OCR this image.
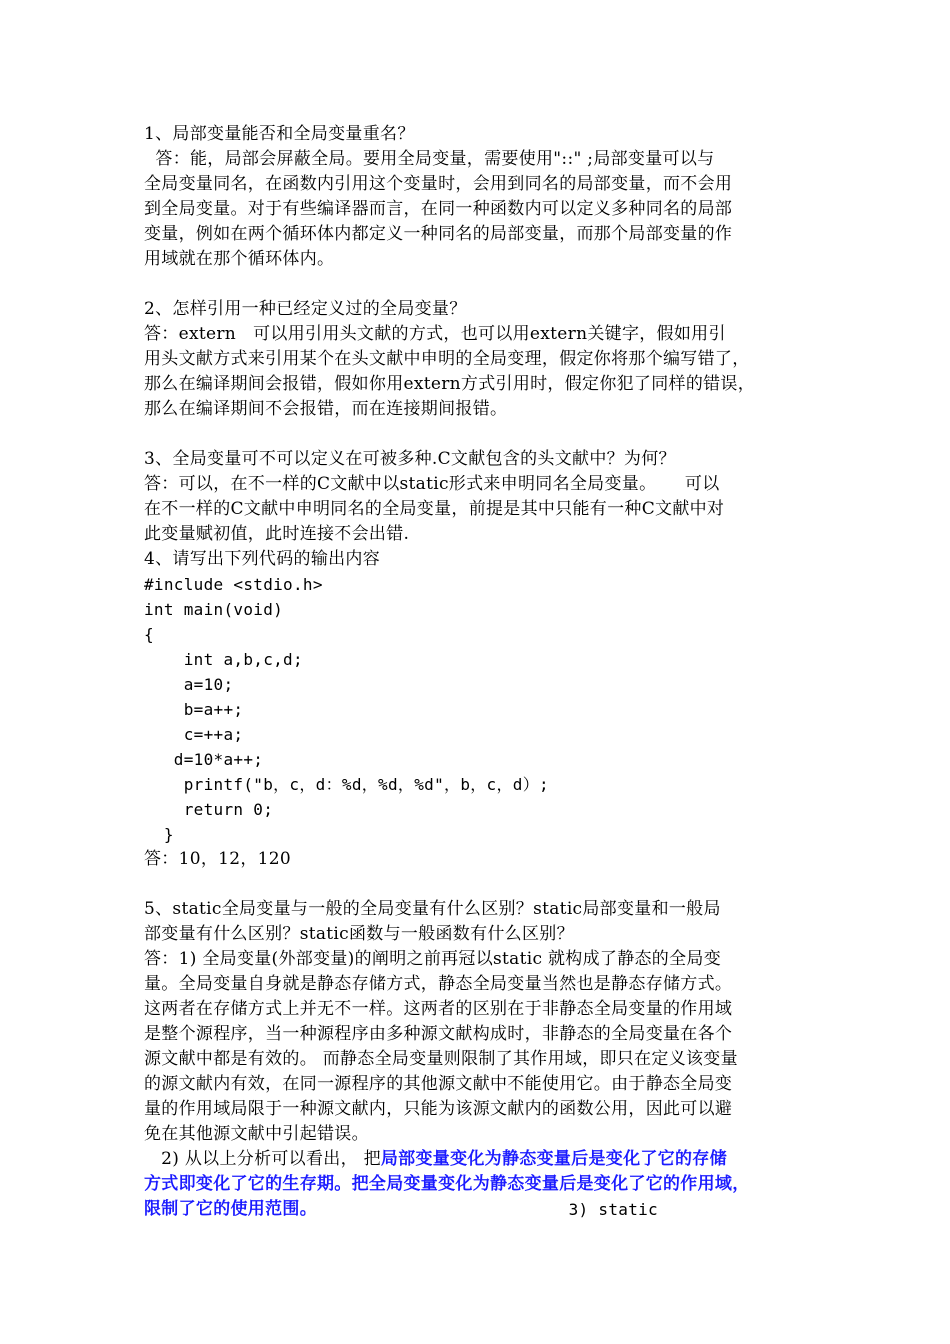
1、局部变量能否和全局变量重名？
答：能，局部会屏蔽全局。要用全局变量，需要使用"::" ;局部变量可以与
全局变量同名，在函数内引用这个变量时，会用到同名的局部变量，而不会用
到全局变量。对于有些编译器而言，在同一种函数内可以定义多种同名的局部
变量，例如在两个循环体内都定义一种同名的局部变量，而那个局部变量的作
用域就在那个循环体内。
2、怎样引用一种已经定义过的全局变量？
答：extern   可以用引用头文献的方式，也可以用extern关键字，假如用引
用头文献方式来引用某个在头文献中申明的全局变理，假定你将那个编写错了，
那么在编译期间会报错，假如你用extern方式引用时，假定你犯了同样的错误，
那么在编译期间不会报错，而在连接期间报错。
3、全局变量可不可以定义在可被多种.C文献包含的头文献中？为何？
答：可以，在不一样的C文献中以static形式来申明同名全局变量。     可以
在不一样的C文献中申明同名的全局变量，前提是其中只能有一种C文献中对
此变量赋初值，此时连接不会出错.
4、请写出下列代码的输出内容
#include <stdio.h>
int main(void)
{
int a,b,c,d;
a=10;
b=a++;
c=++a;
d=10*a++;
printf("b，c，d：%d，%d，%d"，b，c，d）;
return 0;
}
答：10，12，120
5、static全局变量与一般的全局变量有什么区别？static局部变量和一般局
部变量有什么区别？static函数与一般函数有什么区别？
答：1) 全局变量(外部变量)的阐明之前再冠以static 就构成了静态的全局变
量。全局变量自身就是静态存储方式，静态全局变量当然也是静态存储方式。
这两者在存储方式上并无不一样。这两者的区别在于非静态全局变量的作用域
是整个源程序，当一种源程序由多种源文献构成时，非静态的全局变量在各个
源文献中都是有效的。 而静态全局变量则限制了其作用域，即只在定义该变量
的源文献内有效，在同一源程序的其他源文献中不能使用它。由于静态全局变
量的作用域局限于一种源文献内，只能为该源文献内的函数公用，因此可以避
免在其他源文献中引起错误。
2) 从以上分析可以看出， 把局部变量变化为静态变量后是变化了它的存储
方式即变化了它的生存期。把全局变量变化为静态变量后是变化了它的作用域，
限制了它的使用范围。	3) static
